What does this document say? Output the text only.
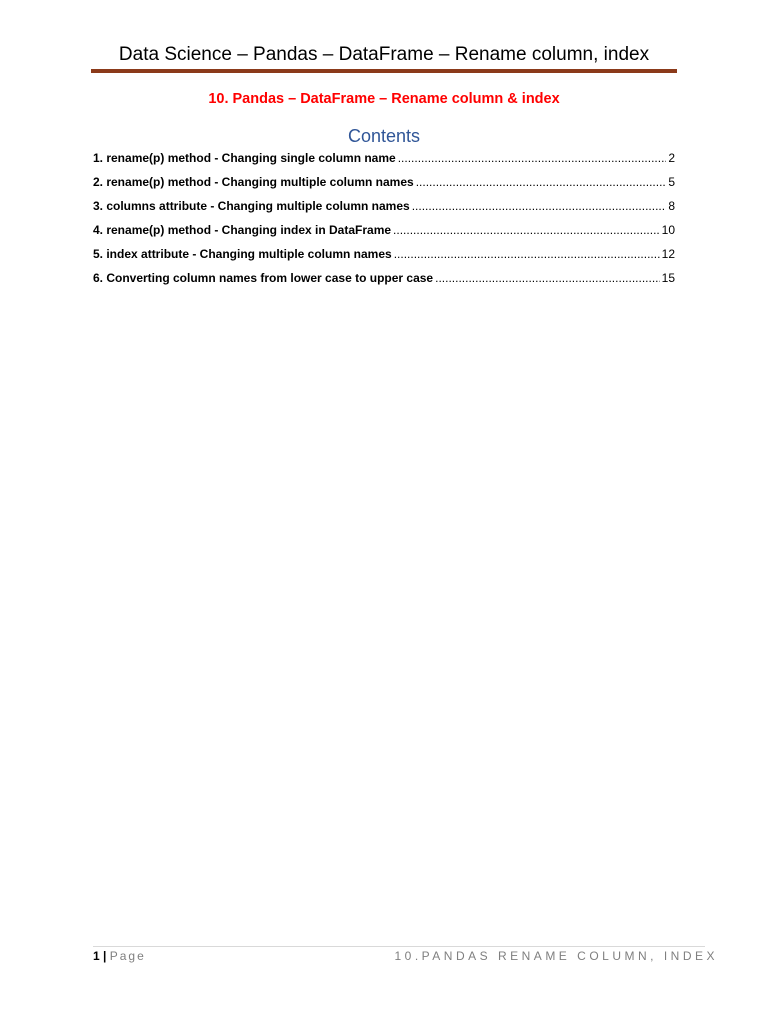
Data Science – Pandas – DataFrame – Rename column, index
10. Pandas – DataFrame – Rename column & index
Contents
1. rename(p) method - Changing single column name .....	2
2. rename(p) method - Changing multiple column names .....	5
3. columns attribute - Changing multiple column names .....	8
4. rename(p) method - Changing index in DataFrame .....	10
5. index attribute - Changing multiple column names .....	12
6. Converting column names from lower case to upper case .....	15
1 | Page	10.PANDAS RENAME COLUMN, INDEX
